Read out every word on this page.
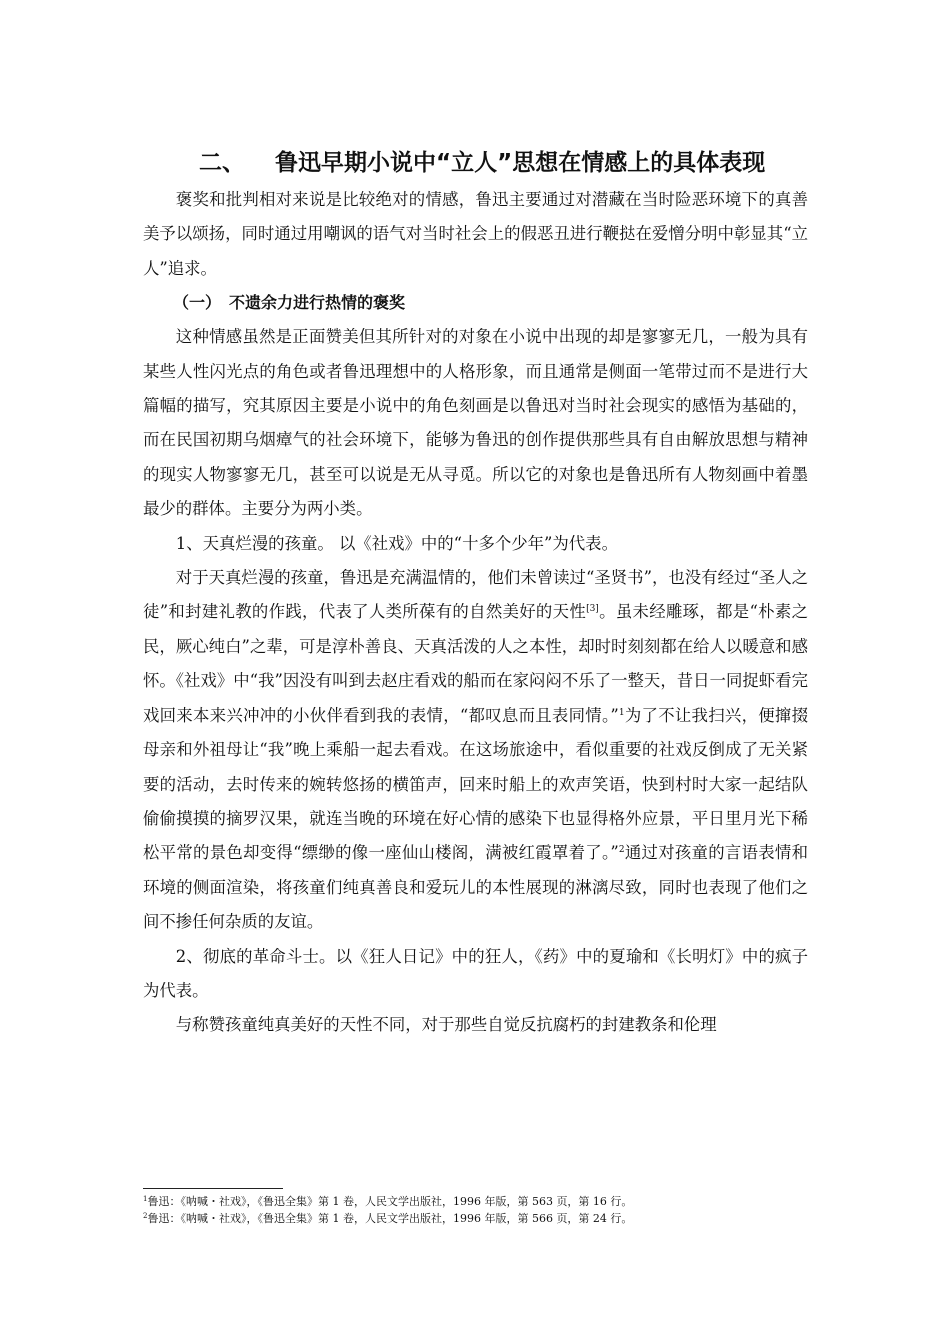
二、 鲁迅早期小说中“立人”思想在情感上的具体表现

褒奖和批判相对来说是比较绝对的情感，鲁迅主要通过对潜藏在当时险恶环境下的真善美予以颂扬，同时通过用嘲讽的语气对当时社会上的假恶丑进行鞭挞在爱憎分明中彰显其“立人”追求。

（一） 不遗余力进行热情的褒奖

这种情感虽然是正面赞美但其所针对的对象在小说中出现的却是寥寥无几，一般为具有某些人性闪光点的角色或者鲁迅理想中的人格形象，而且通常是侧面一笔带过而不是进行大篇幅的描写，究其原因主要是小说中的角色刻画是以鲁迅对当时社会现实的感悟为基础的，而在民国初期乌烟瘴气的社会环境下，能够为鲁迅的创作提供那些具有自由解放思想与精神的现实人物寥寥无几，甚至可以说是无从寻觅。所以它的对象也是鲁迅所有人物刻画中着墨最少的群体。主要分为两小类。

1、天真烂漫的孩童。 以《社戏》中的“十多个少年”为代表。

对于天真烂漫的孩童，鲁迅是充满温情的，他们未曾读过“圣贤书”，也没有经过“圣人之徒”和封建礼教的作践，代表了人类所葆有的自然美好的天性[3]。虽未经雕琢，都是“朴素之民，厥心纯白”之辈，可是淳朴善良、天真活泼的人之本性，却时时刻刻都在给人以暖意和感怀。《社戏》中“我”因没有叫到去赵庄看戏的船而在家闷闷不乐了一整天，昔日一同捉虾看完戏回来本来兴冲冲的小伙伴看到我的表情，“都叹息而且表同情。”$^1$为了不让我扫兴，便撺掇母亲和外祖母让“我”晚上乘船一起去看戏。在这场旅途中，看似重要的社戏反倒成了无关紧要的活动，去时传来的婉转悠扬的横笛声，回来时船上的欢声笑语，快到村时大家一起结队偷偷摸摸的摘罗汉果，就连当晚的环境在好心情的感染下也显得格外应景，平日里月光下稀松平常的景色却变得“缥缈的像一座仙山楼阁，满被红霞罩着了。”$^2$通过对孩童的言语表情和环境的侧面渲染，将孩童们纯真善良和爱玩儿的本性展现的淋漓尽致，同时也表现了他们之间不掺任何杂质的友谊。

2、彻底的革命斗士。以《狂人日记》中的狂人，《药》中的夏瑜和《长明灯》中的疯子为代表。

与称赞孩童纯真美好的天性不同，对于那些自觉反抗腐朽的封建教条和伦理

$^1$鲁迅：《呐喊・社戏》，《鲁迅全集》第 1 卷，人民文学出版社，1996 年版，第 563 页，第 16 行。

$^2$鲁迅：《呐喊・社戏》，《鲁迅全集》第 1 卷，人民文学出版社，1996 年版，第 566 页，第 24 行。
